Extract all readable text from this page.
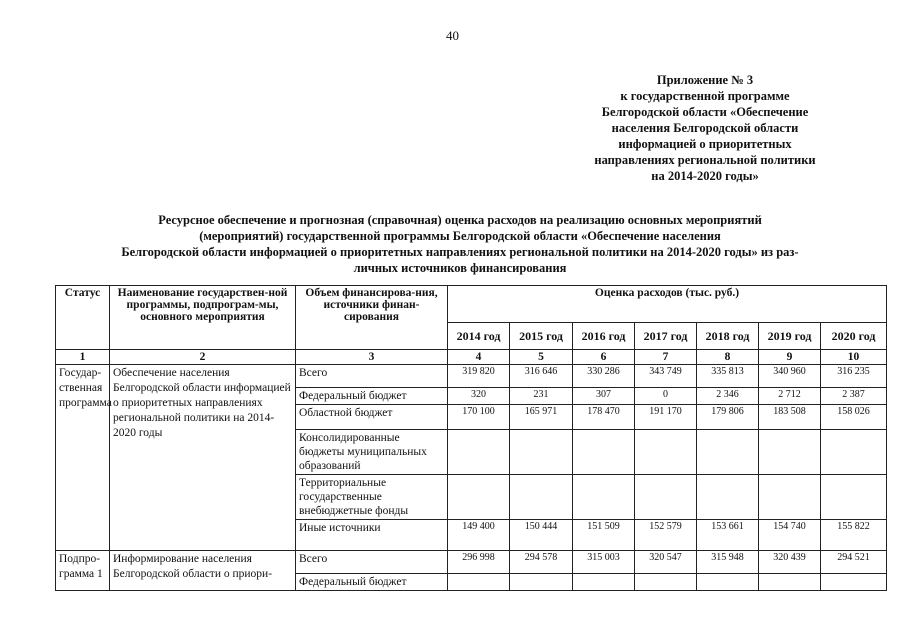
40
Приложение № 3
к государственной программе
Белгородской области «Обеспечение
населения Белгородской области
информацией о приоритетных
направлениях региональной политики
на 2014-2020 годы»
Ресурсное обеспечение и прогнозная (справочная) оценка расходов на реализацию основных мероприятий
(мероприятий) государственной программы Белгородской области «Обеспечение населения
Белгородской области информацией о приоритетных направлениях региональной политики на 2014-2020 годы» из раз-
личных источников финансирования
Статус	Наименование государствен-ной программы, подпрограм-мы, основного мероприятия	Объем финансирова-ния, источники финан-сирования	Оценка расходов (тыс. руб.)						
			2014 год	2015 год	2016 год	2017 год	2018 год	2019 год	2020 год
1	2	3	4	5	6	7	8	9	10
Государ-ственная программа	Обеспечение населения Белгородской области информацией о приоритетных направлениях региональной политики на 2014-2020 годы	Всего	319 820	316 646	330 286	343 749	335 813	340 960	316 235
		Федеральный бюджет	320	231	307	0	2 346	2 712	2 387
		Областной бюджет	170 100	165 971	178 470	191 170	179 806	183 508	158 026
		Консолидированные бюджеты муниципальных образований							
		Территориальные государственные внебюджетные фонды							
		Иные источники	149 400	150 444	151 509	152 579	153 661	154 740	155 822
Подпро-грамма 1	Информирование населения Белгородской области о приори-	Всего	296 998	294 578	315 003	320 547	315 948	320 439	294 521
		Федеральный бюджет							
